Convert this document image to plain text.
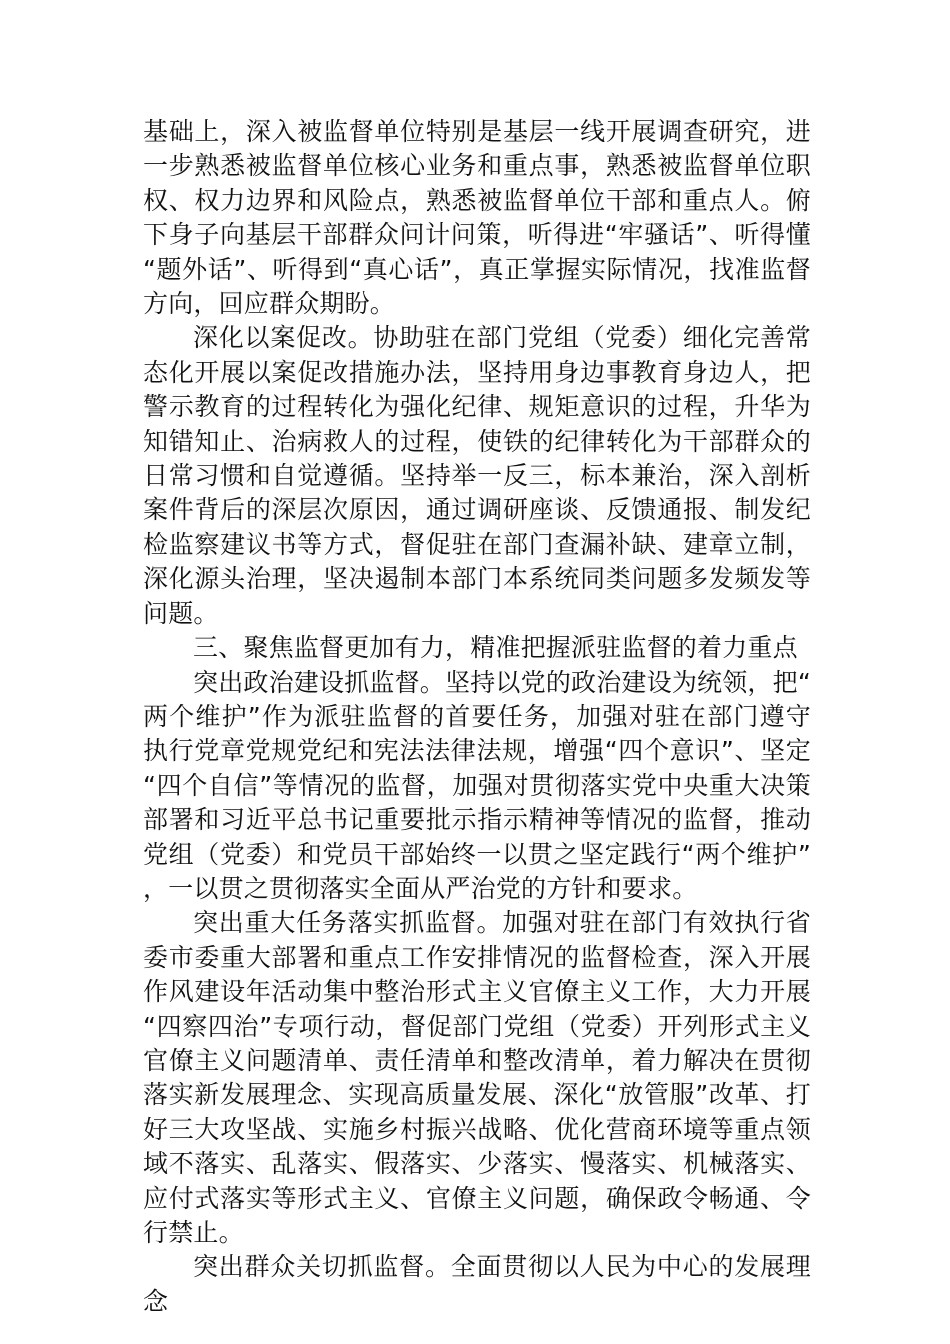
基础上，深入被监督单位特别是基层一线开展调查研究，进一步熟悉被监督单位核心业务和重点事，熟悉被监督单位职权、权力边界和风险点，熟悉被监督单位干部和重点人。俯下身子向基层干部群众问计问策，听得进“牢骚话”、听得懂“题外话”、听得到“真心话”，真正掌握实际情况，找准监督方向，回应群众期盼。

深化以案促改。协助驻在部门党组（党委）细化完善常态化开展以案促改措施办法，坚持用身边事教育身边人，把警示教育的过程转化为强化纪律、规矩意识的过程，升华为知错知止、治病救人的过程，使铁的纪律转化为干部群众的日常习惯和自觉遵循。坚持举一反三，标本兼治，深入剖析案件背后的深层次原因，通过调研座谈、反馈通报、制发纪检监察建议书等方式，督促驻在部门查漏补缺、建章立制，深化源头治理，坚决遏制本部门本系统同类问题多发频发等问题。

三、聚焦监督更加有力，精准把握派驻监督的着力重点

突出政治建设抓监督。坚持以党的政治建设为统领，把“两个维护”作为派驻监督的首要任务，加强对驻在部门遵守执行党章党规党纪和宪法法律法规，增强“四个意识”、坚定“四个自信”等情况的监督，加强对贯彻落实党中央重大决策部署和习近平总书记重要批示指示精神等情况的监督，推动党组（党委）和党员干部始终一以贯之坚定践行“两个维护”，一以贯之贯彻落实全面从严治党的方针和要求。

突出重大任务落实抓监督。加强对驻在部门有效执行省委市委重大部署和重点工作安排情况的监督检查，深入开展作风建设年活动集中整治形式主义官僚主义工作，大力开展“四察四治”专项行动，督促部门党组（党委）开列形式主义官僚主义问题清单、责任清单和整改清单，着力解决在贯彻落实新发展理念、实现高质量发展、深化“放管服”改革、打好三大攻坚战、实施乡村振兴战略、优化营商环境等重点领域不落实、乱落实、假落实、少落实、慢落实、机械落实、应付式落实等形式主义、官僚主义问题，确保政令畅通、令行禁止。

突出群众关切抓监督。全面贯彻以人民为中心的发展理念
